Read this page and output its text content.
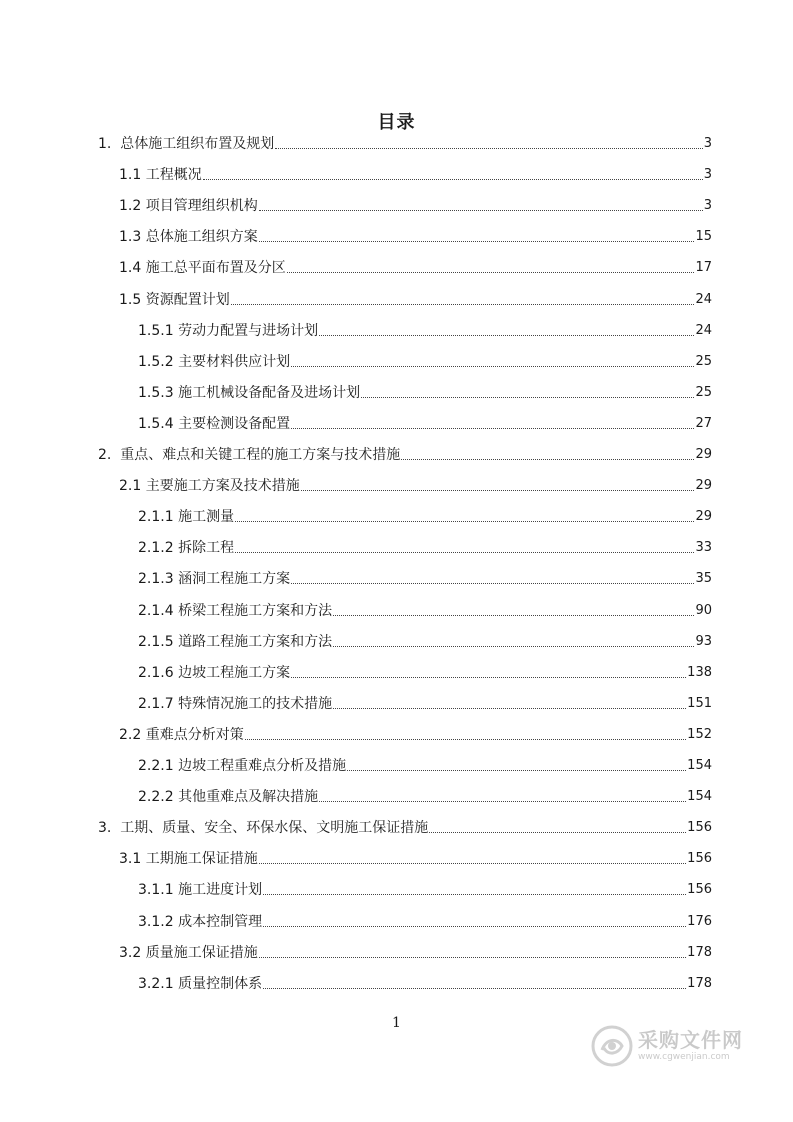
目录
1. 总体施工组织布置及规划	3
1.1 工程概况	3
1.2 项目管理组织机构	3
1.3 总体施工组织方案	15
1.4 施工总平面布置及分区	17
1.5 资源配置计划	24
1.5.1 劳动力配置与进场计划	24
1.5.2 主要材料供应计划	25
1.5.3 施工机械设备配备及进场计划	25
1.5.4 主要检测设备配置	27
2. 重点、难点和关键工程的施工方案与技术措施	29
2.1 主要施工方案及技术措施	29
2.1.1 施工测量	29
2.1.2 拆除工程	33
2.1.3 涵洞工程施工方案	35
2.1.4 桥梁工程施工方案和方法	90
2.1.5 道路工程施工方案和方法	93
2.1.6 边坡工程施工方案	138
2.1.7 特殊情况施工的技术措施	151
2.2 重难点分析对策	152
2.2.1 边坡工程重难点分析及措施	154
2.2.2 其他重难点及解决措施	154
3. 工期、质量、安全、环保水保、文明施工保证措施	156
3.1 工期施工保证措施	156
3.1.1 施工进度计划	156
3.1.2 成本控制管理	176
3.2 质量施工保证措施	178
3.2.1 质量控制体系	178
1
采购文件网
www.cgwenjian.com
